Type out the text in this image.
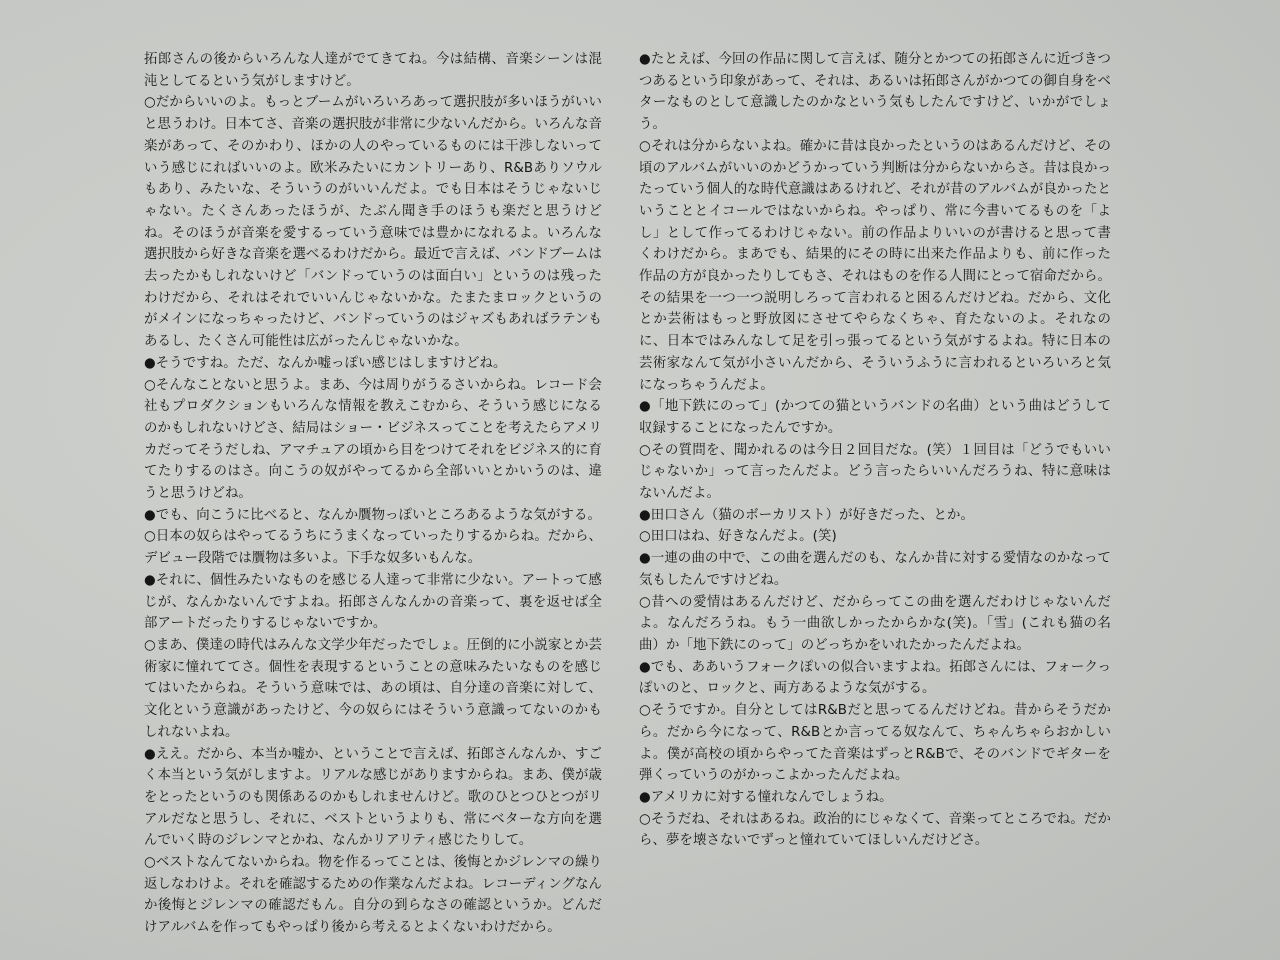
拓郎さんの後からいろんな人達がでてきてね。今は結構、音楽シーンは混沌としてるという気がしますけど。

○だからいいのよ。もっとブームがいろいろあって選択肢が多いほうがいいと思うわけ。日本てさ、音楽の選択肢が非常に少ないんだから。いろんな音楽があって、そのかわり、ほかの人のやっているものには干渉しないっていう感じにればいいのよ。欧米みたいにカントリーあり、R&Bありソウルもあり、みたいな、そういうのがいいんだよ。でも日本はそうじゃないじゃない。たくさんあったほうが、たぶん聞き手のほうも楽だと思うけどね。そのほうが音楽を愛するっていう意味では豊かになれるよ。いろんな選択肢から好きな音楽を選べるわけだから。最近で言えば、バンドブームは去ったかもしれないけど「バンドっていうのは面白い」というのは残ったわけだから、それはそれでいいんじゃないかな。たまたまロックというのがメインになっちゃったけど、バンドっていうのはジャズもあればラテンもあるし、たくさん可能性は広がったんじゃないかな。

●そうですね。ただ、なんか嘘っぽい感じはしますけどね。

○そんなことないと思うよ。まあ、今は周りがうるさいからね。レコード会社もプロダクションもいろんな情報を教えこむから、そういう感じになるのかもしれないけどさ、結局はショー・ビジネスってことを考えたらアメリカだってそうだしね、アマチュアの頃から目をつけてそれをビジネス的に育てたりするのはさ。向こうの奴がやってるから全部いいとかいうのは、違うと思うけどね。

●でも、向こうに比べると、なんか贋物っぽいところあるような気がする。

○日本の奴らはやってるうちにうまくなっていったりするからね。だから、デビュー段階では贋物は多いよ。下手な奴多いもんな。

●それに、個性みたいなものを感じる人達って非常に少ない。アートって感じが、なんかないんですよね。拓郎さんなんかの音楽って、裏を返せば全部アートだったりするじゃないですか。

○まあ、僕達の時代はみんな文学少年だったでしょ。圧倒的に小説家とか芸術家に憧れててさ。個性を表現するということの意味みたいなものを感じてはいたからね。そういう意味では、あの頃は、自分達の音楽に対して、文化という意識があったけど、今の奴らにはそういう意識ってないのかもしれないよね。

●ええ。だから、本当か嘘か、ということで言えば、拓郎さんなんか、すごく本当という気がしますよ。リアルな感じがありますからね。まあ、僕が歳をとったというのも関係あるのかもしれませんけど。歌のひとつひとつがリアルだなと思うし、それに、ベストというよりも、常にベターな方向を選んでいく時のジレンマとかね、なんかリアリティ感じたりして。

○ベストなんてないからね。物を作るってことは、後悔とかジレンマの繰り返しなわけよ。それを確認するための作業なんだよね。レコーディングなんか後悔とジレンマの確認だもん。自分の到らなさの確認というか。どんだけアルバムを作ってもやっぱり後から考えるとよくないわけだから。

●たとえば、今回の作品に関して言えば、随分とかつての拓郎さんに近づきつつあるという印象があって、それは、あるいは拓郎さんがかつての御自身をベターなものとして意識したのかなという気もしたんですけど、いかがでしょう。

○それは分からないよね。確かに昔は良かったというのはあるんだけど、その頃のアルバムがいいのかどうかっていう判断は分からないからさ。昔は良かったっていう個人的な時代意識はあるけれど、それが昔のアルバムが良かったということとイコールではないからね。やっぱり、常に今書いてるものを「よし」として作ってるわけじゃない。前の作品よりいいのが書けると思って書くわけだから。まあでも、結果的にその時に出来た作品よりも、前に作った作品の方が良かったりしてもさ、それはものを作る人間にとって宿命だから。その結果を一つ一つ説明しろって言われると困るんだけどね。だから、文化とか芸術はもっと野放図にさせてやらなくちゃ、育たないのよ。それなのに、日本ではみんなして足を引っ張ってるという気がするよね。特に日本の芸術家なんて気が小さいんだから、そういうふうに言われるといろいろと気になっちゃうんだよ。

●「地下鉄にのって」(かつての猫というバンドの名曲）という曲はどうして収録することになったんですか。

○その質問を、聞かれるのは今日２回目だな。(笑）１回目は「どうでもいいじゃないか」って言ったんだよ。どう言ったらいいんだろうね、特に意味はないんだよ。

●田口さん（猫のボーカリスト）が好きだった、とか。

○田口はね、好きなんだよ。(笑)

●一連の曲の中で、この曲を選んだのも、なんか昔に対する愛情なのかなって気もしたんですけどね。

○昔への愛情はあるんだけど、だからってこの曲を選んだわけじゃないんだよ。なんだろうね。もう一曲欲しかったからかな(笑)。「雪」(これも猫の名曲）か「地下鉄にのって」のどっちかをいれたかったんだよね。

●でも、ああいうフォークぽいの似合いますよね。拓郎さんには、フォークっぽいのと、ロックと、両方あるような気がする。

○そうですか。自分としてはR&Bだと思ってるんだけどね。昔からそうだから。だから今になって、R&Bとか言ってる奴なんて、ちゃんちゃらおかしいよ。僕が高校の頃からやってた音楽はずっとR&Bで、そのバンドでギターを弾くっていうのがかっこよかったんだよね。

●アメリカに対する憧れなんでしょうね。

○そうだね、それはあるね。政治的にじゃなくて、音楽ってところでね。だから、夢を壊さないでずっと憧れていてほしいんだけどさ。
